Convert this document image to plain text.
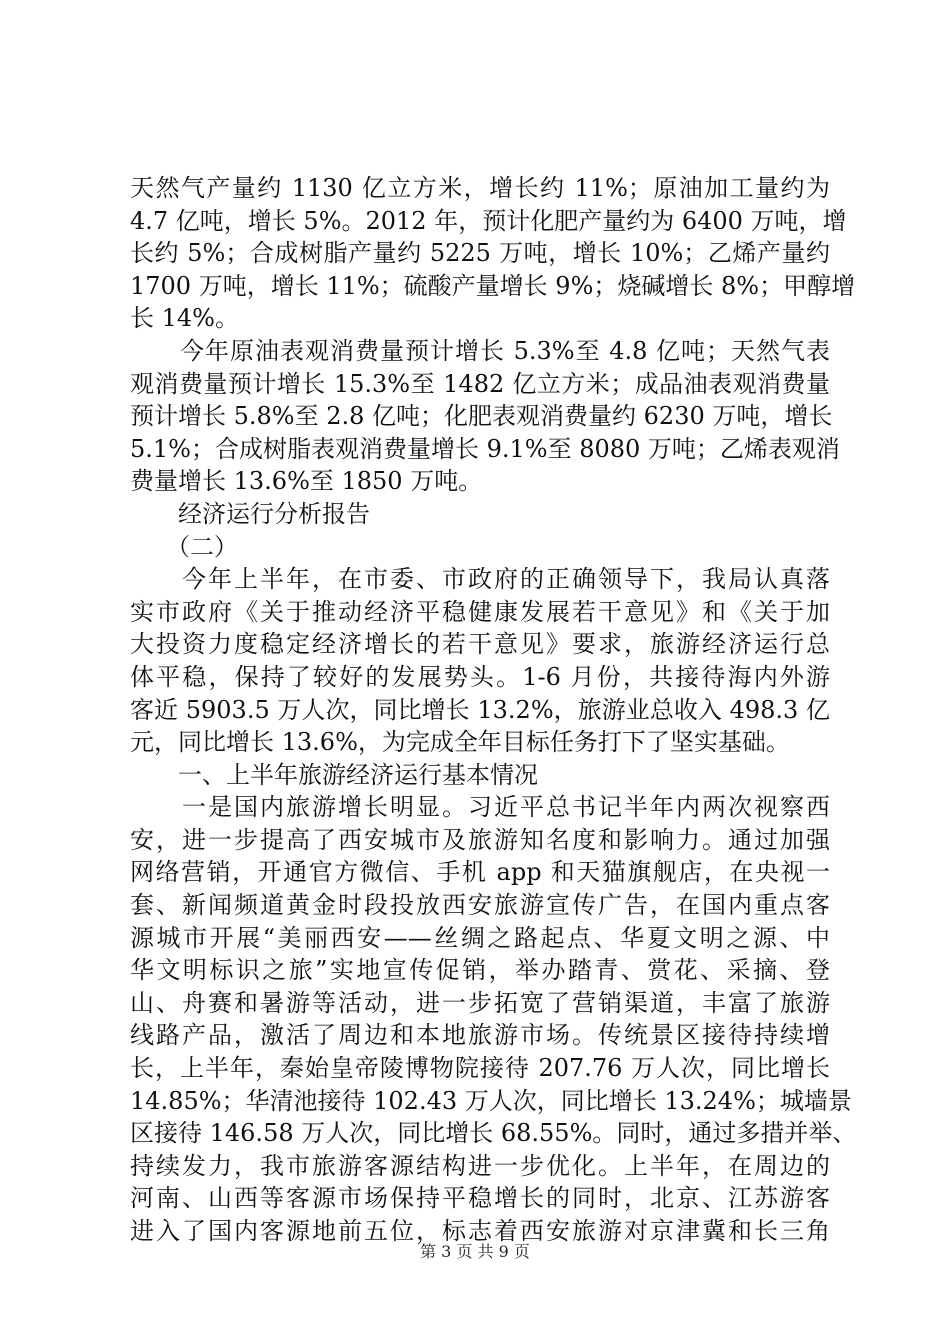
天然气产量约 1130 亿立方米，增长约 11%；原油加工量约为
4.7 亿吨，增长 5%。2012 年，预计化肥产量约为 6400 万吨，增
长约 5%；合成树脂产量约 5225 万吨，增长 10%；乙烯产量约
1700 万吨，增长 11%；硫酸产量增长 9%；烧碱增长 8%；甲醇增
长 14%。
　　今年原油表观消费量预计增长 5.3%至 4.8 亿吨；天然气表
观消费量预计增长 15.3%至 1482 亿立方米；成品油表观消费量
预计增长 5.8%至 2.8 亿吨；化肥表观消费量约 6230 万吨，增长
5.1%；合成树脂表观消费量增长 9.1%至 8080 万吨；乙烯表观消
费量增长 13.6%至 1850 万吨。
　　经济运行分析报告
　　（二）
　　今年上半年，在市委、市政府的正确领导下，我局认真落
实市政府《关于推动经济平稳健康发展若干意见》和《关于加
大投资力度稳定经济增长的若干意见》要求，旅游经济运行总
体平稳，保持了较好的发展势头。1-6 月份，共接待海内外游
客近 5903.5 万人次，同比增长 13.2%，旅游业总收入 498.3 亿
元，同比增长 13.6%，为完成全年目标任务打下了坚实基础。
　　一、上半年旅游经济运行基本情况
　　一是国内旅游增长明显。习近平总书记半年内两次视察西
安，进一步提高了西安城市及旅游知名度和影响力。通过加强
网络营销，开通官方微信、手机 app 和天猫旗舰店，在央视一
套、新闻频道黄金时段投放西安旅游宣传广告，在国内重点客
源城市开展“美丽西安——丝绸之路起点、华夏文明之源、中
华文明标识之旅”实地宣传促销，举办踏青、赏花、采摘、登
山、舟赛和暑游等活动，进一步拓宽了营销渠道，丰富了旅游
线路产品，激活了周边和本地旅游市场。传统景区接待持续增
长，上半年，秦始皇帝陵博物院接待 207.76 万人次，同比增长
14.85%；华清池接待 102.43 万人次，同比增长 13.24%；城墙景
区接待 146.58 万人次，同比增长 68.55%。同时，通过多措并举、
持续发力，我市旅游客源结构进一步优化。上半年，在周边的
河南、山西等客源市场保持平稳增长的同时，北京、江苏游客
进入了国内客源地前五位，标志着西安旅游对京津冀和长三角
第 3 页 共 9 页
